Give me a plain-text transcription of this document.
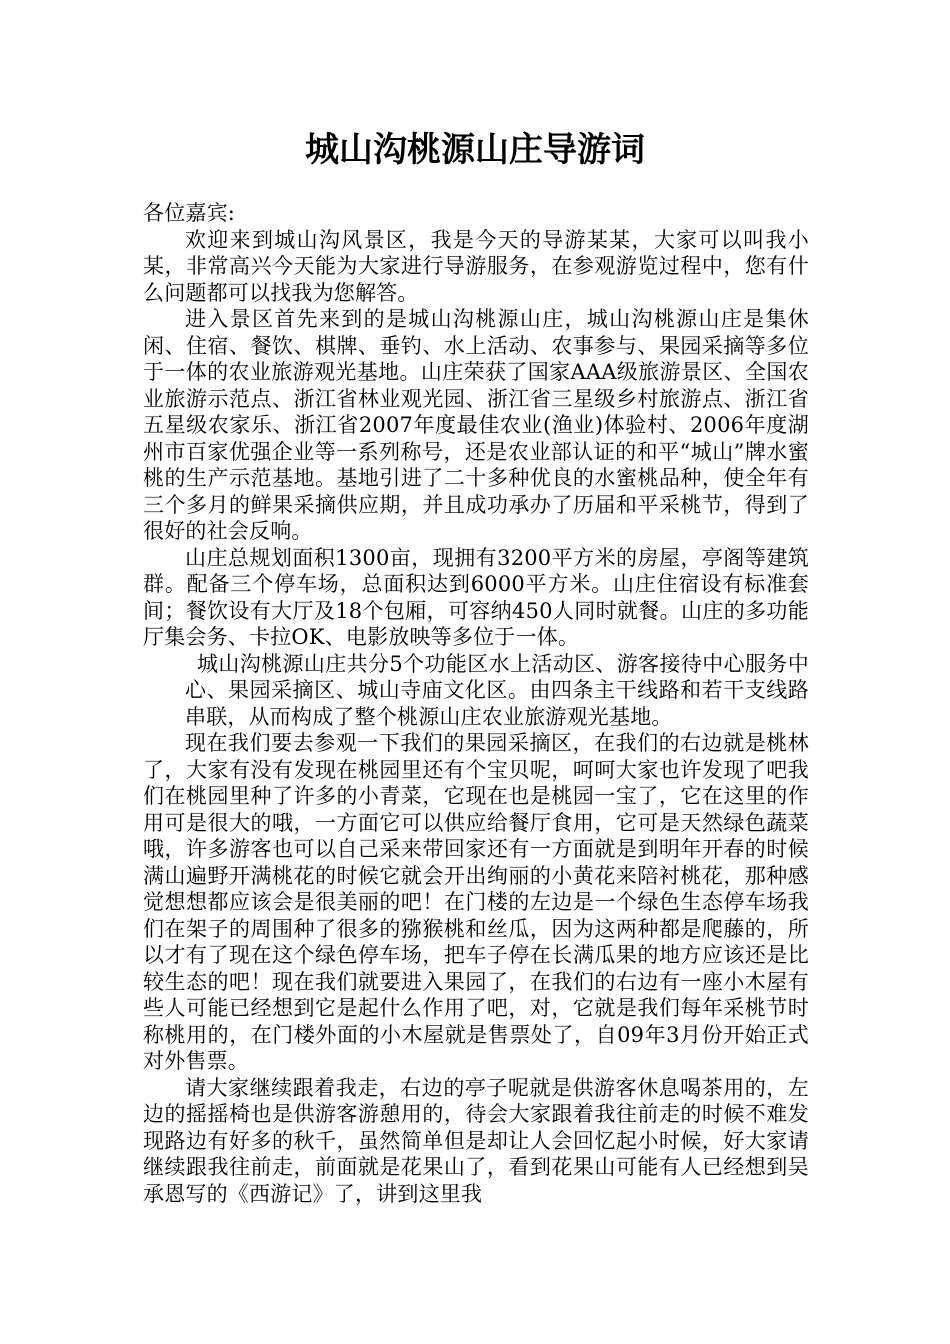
城山沟桃源山庄导游词

各位嘉宾:

欢迎来到城山沟风景区，我是今天的导游某某，大家可以叫我小某，非常高兴今天能为大家进行导游服务，在参观游览过程中，您有什么问题都可以找我为您解答。

进入景区首先来到的是城山沟桃源山庄，城山沟桃源山庄是集休闲、住宿、餐饮、棋牌、垂钓、水上活动、农事参与、果园采摘等多位于一体的农业旅游观光基地。山庄荣获了国家AAA级旅游景区、全国农业旅游示范点、浙江省林业观光园、浙江省三星级乡村旅游点、浙江省五星级农家乐、浙江省2007年度最佳农业(渔业)体验村、2006年度湖州市百家优强企业等一系列称号，还是农业部认证的和平“城山”牌水蜜桃的生产示范基地。基地引进了二十多种优良的水蜜桃品种，使全年有三个多月的鲜果采摘供应期，并且成功承办了历届和平采桃节，得到了很好的社会反响。

山庄总规划面积1300亩，现拥有3200平方米的房屋，亭阁等建筑群。配备三个停车场，总面积达到6000平方米。山庄住宿设有标准套间；餐饮设有大厅及18个包厢，可容纳450人同时就餐。山庄的多功能厅集会务、卡拉OK、电影放映等多位于一体。

城山沟桃源山庄共分5个功能区水上活动区、游客接待中心服务中心、果园采摘区、城山寺庙文化区。由四条主干线路和若干支线路串联，从而构成了整个桃源山庄农业旅游观光基地。

现在我们要去参观一下我们的果园采摘区，在我们的右边就是桃林了，大家有没有发现在桃园里还有个宝贝呢，呵呵大家也许发现了吧我们在桃园里种了许多的小青菜，它现在也是桃园一宝了，它在这里的作用可是很大的哦，一方面它可以供应给餐厅食用，它可是天然绿色蔬菜哦，许多游客也可以自己采来带回家还有一方面就是到明年开春的时候满山遍野开满桃花的时候它就会开出绚丽的小黄花来陪衬桃花，那种感觉想想都应该会是很美丽的吧！在门楼的左边是一个绿色生态停车场我们在架子的周围种了很多的猕猴桃和丝瓜，因为这两种都是爬藤的，所以才有了现在这个绿色停车场，把车子停在长满瓜果的地方应该还是比较生态的吧！现在我们就要进入果园了，在我们的右边有一座小木屋有些人可能已经想到它是起什么作用了吧，对，它就是我们每年采桃节时称桃用的，在门楼外面的小木屋就是售票处了，自09年3月份开始正式对外售票。

请大家继续跟着我走，右边的亭子呢就是供游客休息喝茶用的，左边的摇摇椅也是供游客游憩用的，待会大家跟着我往前走的时候不难发现路边有好多的秋千，虽然简单但是却让人会回忆起小时候，好大家请继续跟我往前走，前面就是花果山了，看到花果山可能有人已经想到吴承恩写的《西游记》了，讲到这里我
